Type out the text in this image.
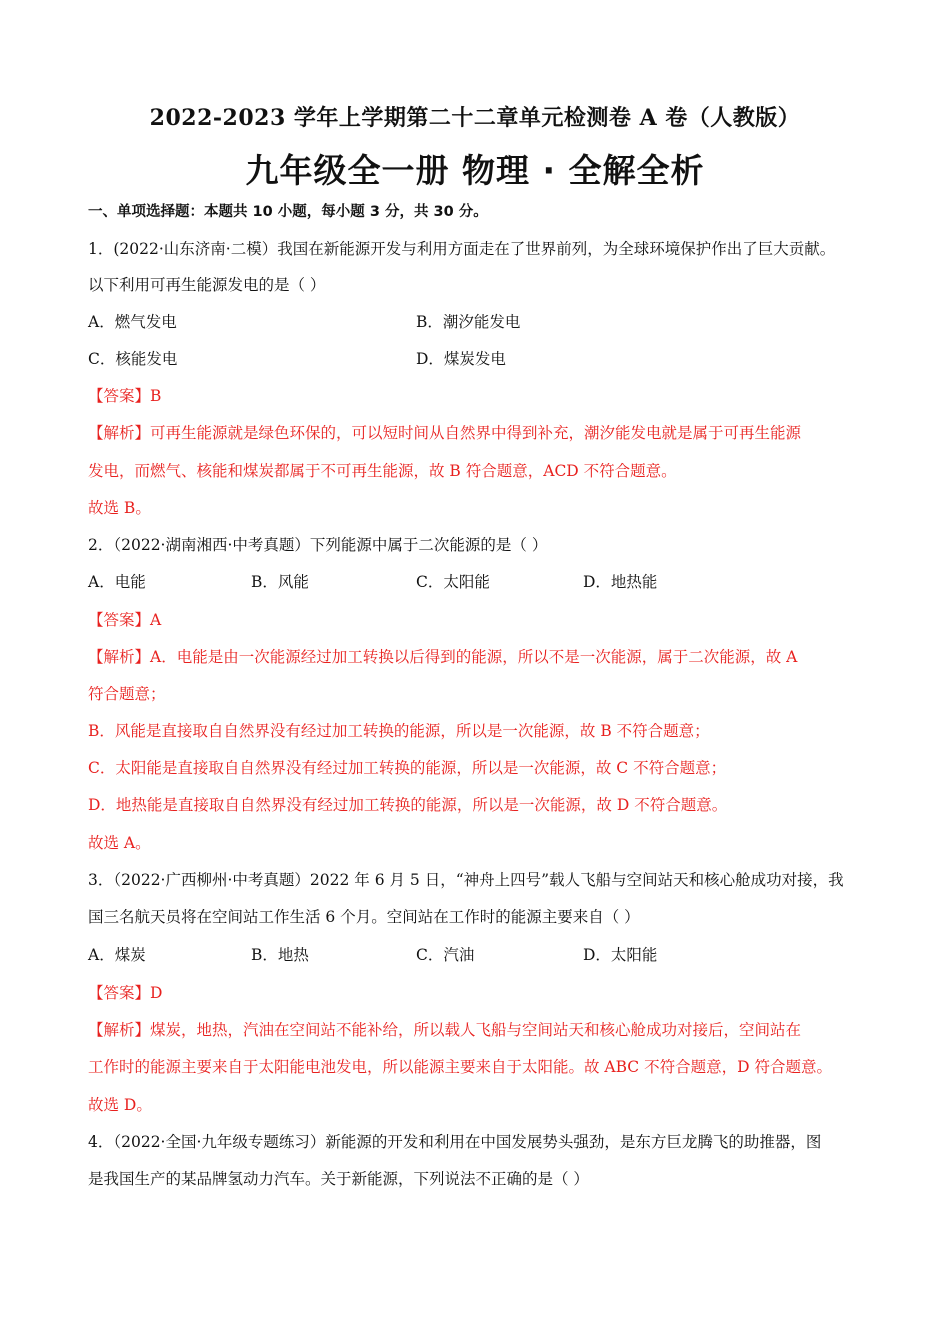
2022-2023 学年上学期第二十二章单元检测卷 A 卷（人教版）
九年级全一册 物理 · 全解全析
一、单项选择题：本题共 10 小题，每小题 3 分，共 30 分。
1．(2022·山东济南·二模）我国在新能源开发与利用方面走在了世界前列，为全球环境保护作出了巨大贡献。
以下利用可再生能源发电的是（ ）
A．燃气发电	B．潮汐能发电
C．核能发电	D．煤炭发电
【答案】B
【解析】可再生能源就是绿色环保的，可以短时间从自然界中得到补充，潮汐能发电就是属于可再生能源
发电，而燃气、核能和煤炭都属于不可再生能源，故 B 符合题意，ACD 不符合题意。
故选 B。
2．（2022·湖南湘西·中考真题）下列能源中属于二次能源的是（ ）
A．电能	B．风能	C．太阳能	D．地热能
【答案】A
【解析】A．电能是由一次能源经过加工转换以后得到的能源，所以不是一次能源，属于二次能源，故 A
符合题意；
B．风能是直接取自自然界没有经过加工转换的能源，所以是一次能源，故 B 不符合题意；
C．太阳能是直接取自自然界没有经过加工转换的能源，所以是一次能源，故 C 不符合题意；
D．地热能是直接取自自然界没有经过加工转换的能源，所以是一次能源，故 D 不符合题意。
故选 A。
3．（2022·广西柳州·中考真题）2022 年 6 月 5 日，“神舟上四号”载人飞船与空间站天和核心舱成功对接，我
国三名航天员将在空间站工作生活 6 个月。空间站在工作时的能源主要来自（ ）
A．煤炭	B．地热	C．汽油	D．太阳能
【答案】D
【解析】煤炭，地热，汽油在空间站不能补给，所以载人飞船与空间站天和核心舱成功对接后，空间站在
工作时的能源主要来自于太阳能电池发电，所以能源主要来自于太阳能。故 ABC 不符合题意，D 符合题意。
故选 D。
4．（2022·全国·九年级专题练习）新能源的开发和利用在中国发展势头强劲，是东方巨龙腾飞的助推器，图
是我国生产的某品牌氢动力汽车。关于新能源，下列说法不正确的是（ ）
